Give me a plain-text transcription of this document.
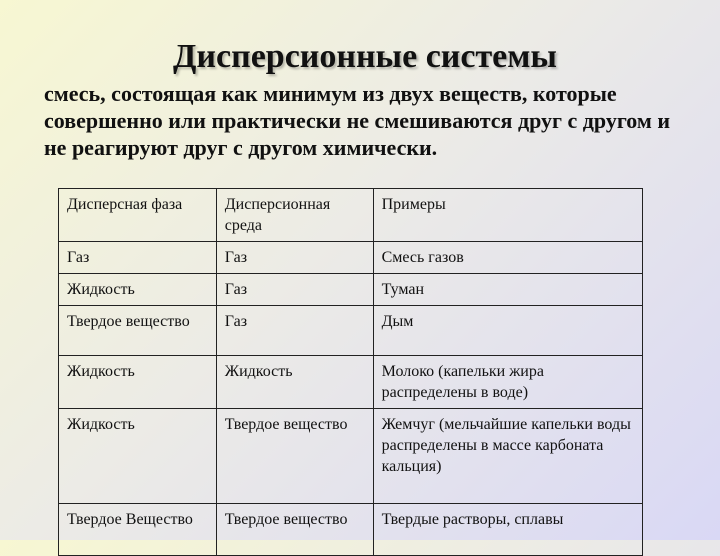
Дисперсионные системы
смесь, состоящая как минимум из двух веществ, которые совершенно или практически не смешиваются друг с другом и не реагируют друг с другом химически.
Дисперсная фаза	Дисперсионная среда	Примеры
Газ	Газ	Смесь газов
Жидкость	Газ	Туман
Твердое вещество	Газ	Дым
Жидкость	Жидкость	Молоко (капельки жира распределены в воде)
Жидкость	Твердое вещество	Жемчуг (мельчайшие капельки воды распределены в массе карбоната кальция)
Твердое Вещество	Твердое вещество	Твердые растворы, сплавы
